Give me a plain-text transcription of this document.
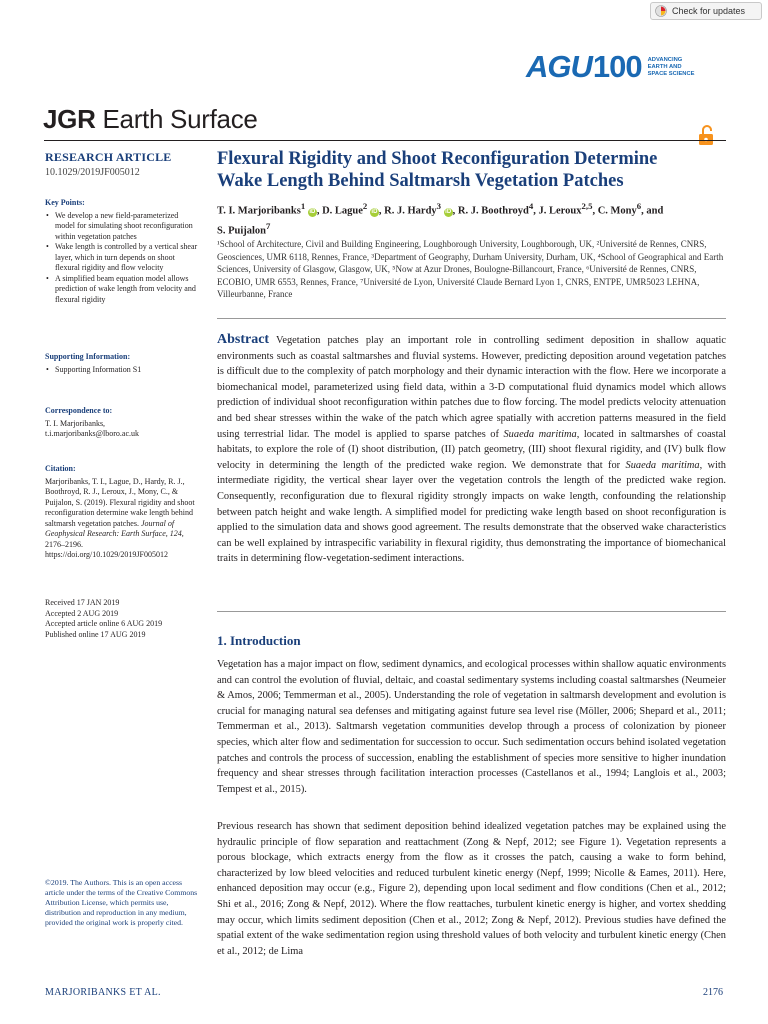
Check for updates
AGU 100 ADVANCING
EARTH AND
SPACE SCIENCE
JGR Earth Surface
RESEARCH ARTICLE
10.1029/2019JF005012
Key Points:
• We develop a new field-parameterized model for simulating shoot reconfiguration within vegetation patches
• Wake length is controlled by a vertical shear layer, which in turn depends on shoot flexural rigidity and flow velocity
• A simplified beam equation model allows prediction of wake length from velocity and flexural rigidity
Supporting Information:
• Supporting Information S1
Correspondence to:
T. I. Marjoribanks,
t.i.marjoribanks@lboro.ac.uk
Citation:
Marjoribanks, T. I., Lague, D., Hardy, R. J., Boothroyd, R. J., Leroux, J., Mony, C., & Puijalon, S. (2019). Flexural rigidity and shoot reconfiguration determine wake length behind saltmarsh vegetation patches. Journal of Geophysical Research: Earth Surface, 124, 2176–2196. https://doi.org/10.1029/2019JF005012
Received 17 JAN 2019
Accepted 2 AUG 2019
Accepted article online 6 AUG 2019
Published online 17 AUG 2019
©2019. The Authors. This is an open access article under the terms of the Creative Commons Attribution License, which permits use, distribution and reproduction in any medium, provided the original work is properly cited.
Flexural Rigidity and Shoot Reconfiguration Determine
Wake Length Behind Saltmarsh Vegetation Patches
T. I. Marjoribanks$^1$ iD , D. Lague$^2$ iD , R. J. Hardy$^3$ iD , R. J. Boothroyd$^4$, J. Leroux$^{2,5}$, C. Mony$^6$, and
S. Puijalon$^7$
¹School of Architecture, Civil and Building Engineering, Loughborough University, Loughborough, UK, ²Université de Rennes, CNRS, Geosciences, UMR 6118, Rennes, France, ³Department of Geography, Durham University, Durham, UK, ⁴School of Geographical and Earth Sciences, University of Glasgow, Glasgow, UK, ⁵Now at Azur Drones, Boulogne-Billancourt, France, ⁶Université de Rennes, CNRS, ECOBIO, UMR 6553, Rennes, France, ⁷Université de Lyon, Université Claude Bernard Lyon 1, CNRS, ENTPE, UMR5023 LEHNA, Villeurbanne, France
Abstract Vegetation patches play an important role in controlling sediment deposition in shallow aquatic environments such as coastal saltmarshes and fluvial systems. However, predicting deposition around vegetation patches is difficult due to the complexity of patch morphology and their dynamic interaction with the flow. Here we incorporate a biomechanical model, parameterized using field data, within a 3-D computational fluid dynamics model which allows prediction of individual shoot reconfiguration within patches due to flow forcing. The model predicts velocity attenuation and bed shear stresses within the wake of the patch which agree spatially with accretion patterns measured in the field using terrestrial lidar. The model is applied to sparse patches of Suaeda maritima, located in saltmarshes of coastal habitats, to explore the role of (I) shoot distribution, (II) patch geometry, (III) shoot flexural rigidity, and (IV) bulk flow velocity in determining the length of the predicted wake region. We demonstrate that for Suaeda maritima, with intermediate rigidity, the vertical shear layer over the vegetation controls the length of the predicted wake region. Consequently, reconfiguration due to flexural rigidity strongly impacts on wake length, confounding the relationship between patch height and wake length. A simplified model for predicting wake length based on shoot reconfiguration is applied to the simulation data and shows good agreement. The results demonstrate that the observed wake characteristics can be well explained by intraspecific variability in flexural rigidity, thus demonstrating the importance of biomechanical traits in determining flow-vegetation-sediment interactions.
1. Introduction
Vegetation has a major impact on flow, sediment dynamics, and ecological processes within shallow aquatic environments and can control the evolution of fluvial, deltaic, and coastal sedimentary systems including coastal saltmarshes (Neumeier & Amos, 2006; Temmerman et al., 2005). Understanding the role of vegetation in saltmarsh development and evolution is crucial for managing natural sea defenses and mitigating against future sea level rise (Möller, 2006; Shepard et al., 2011; Temmerman et al., 2013). Saltmarsh vegetation communities develop through a process of colonization by pioneer species, which alter flow and sedimentation for succession to occur. Such sedimentation occurs behind isolated vegetation patches and controls the process of succession, enabling the establishment of species more sensitive to higher inundation frequency and shear stresses through facilitation interaction processes (Castellanos et al., 1994; Langlois et al., 2003; Tempest et al., 2015).
Previous research has shown that sediment deposition behind idealized vegetation patches may be explained using the hydraulic principle of flow separation and reattachment (Zong & Nepf, 2012; see Figure 1). Vegetation represents a porous blockage, which extracts energy from the flow as it crosses the patch, causing a wake to form behind, characterized by low bleed velocities and reduced turbulent kinetic energy (Nepf, 1999; Nicolle & Eames, 2011). Here, enhanced deposition may occur (e.g., Figure 2), depending upon local sediment and flow conditions (Chen et al., 2012; Shi et al., 2016; Zong & Nepf, 2012). Where the flow reattaches, turbulent kinetic energy is higher, and vortex shedding may occur, which limits sediment deposition (Chen et al., 2012; Zong & Nepf, 2012). Previous studies have defined the spatial extent of the wake sedimentation region using threshold values of both velocity and turbulent kinetic energy (Chen et al., 2012; de Lima
MARJORIBANKS ET AL.	2176
